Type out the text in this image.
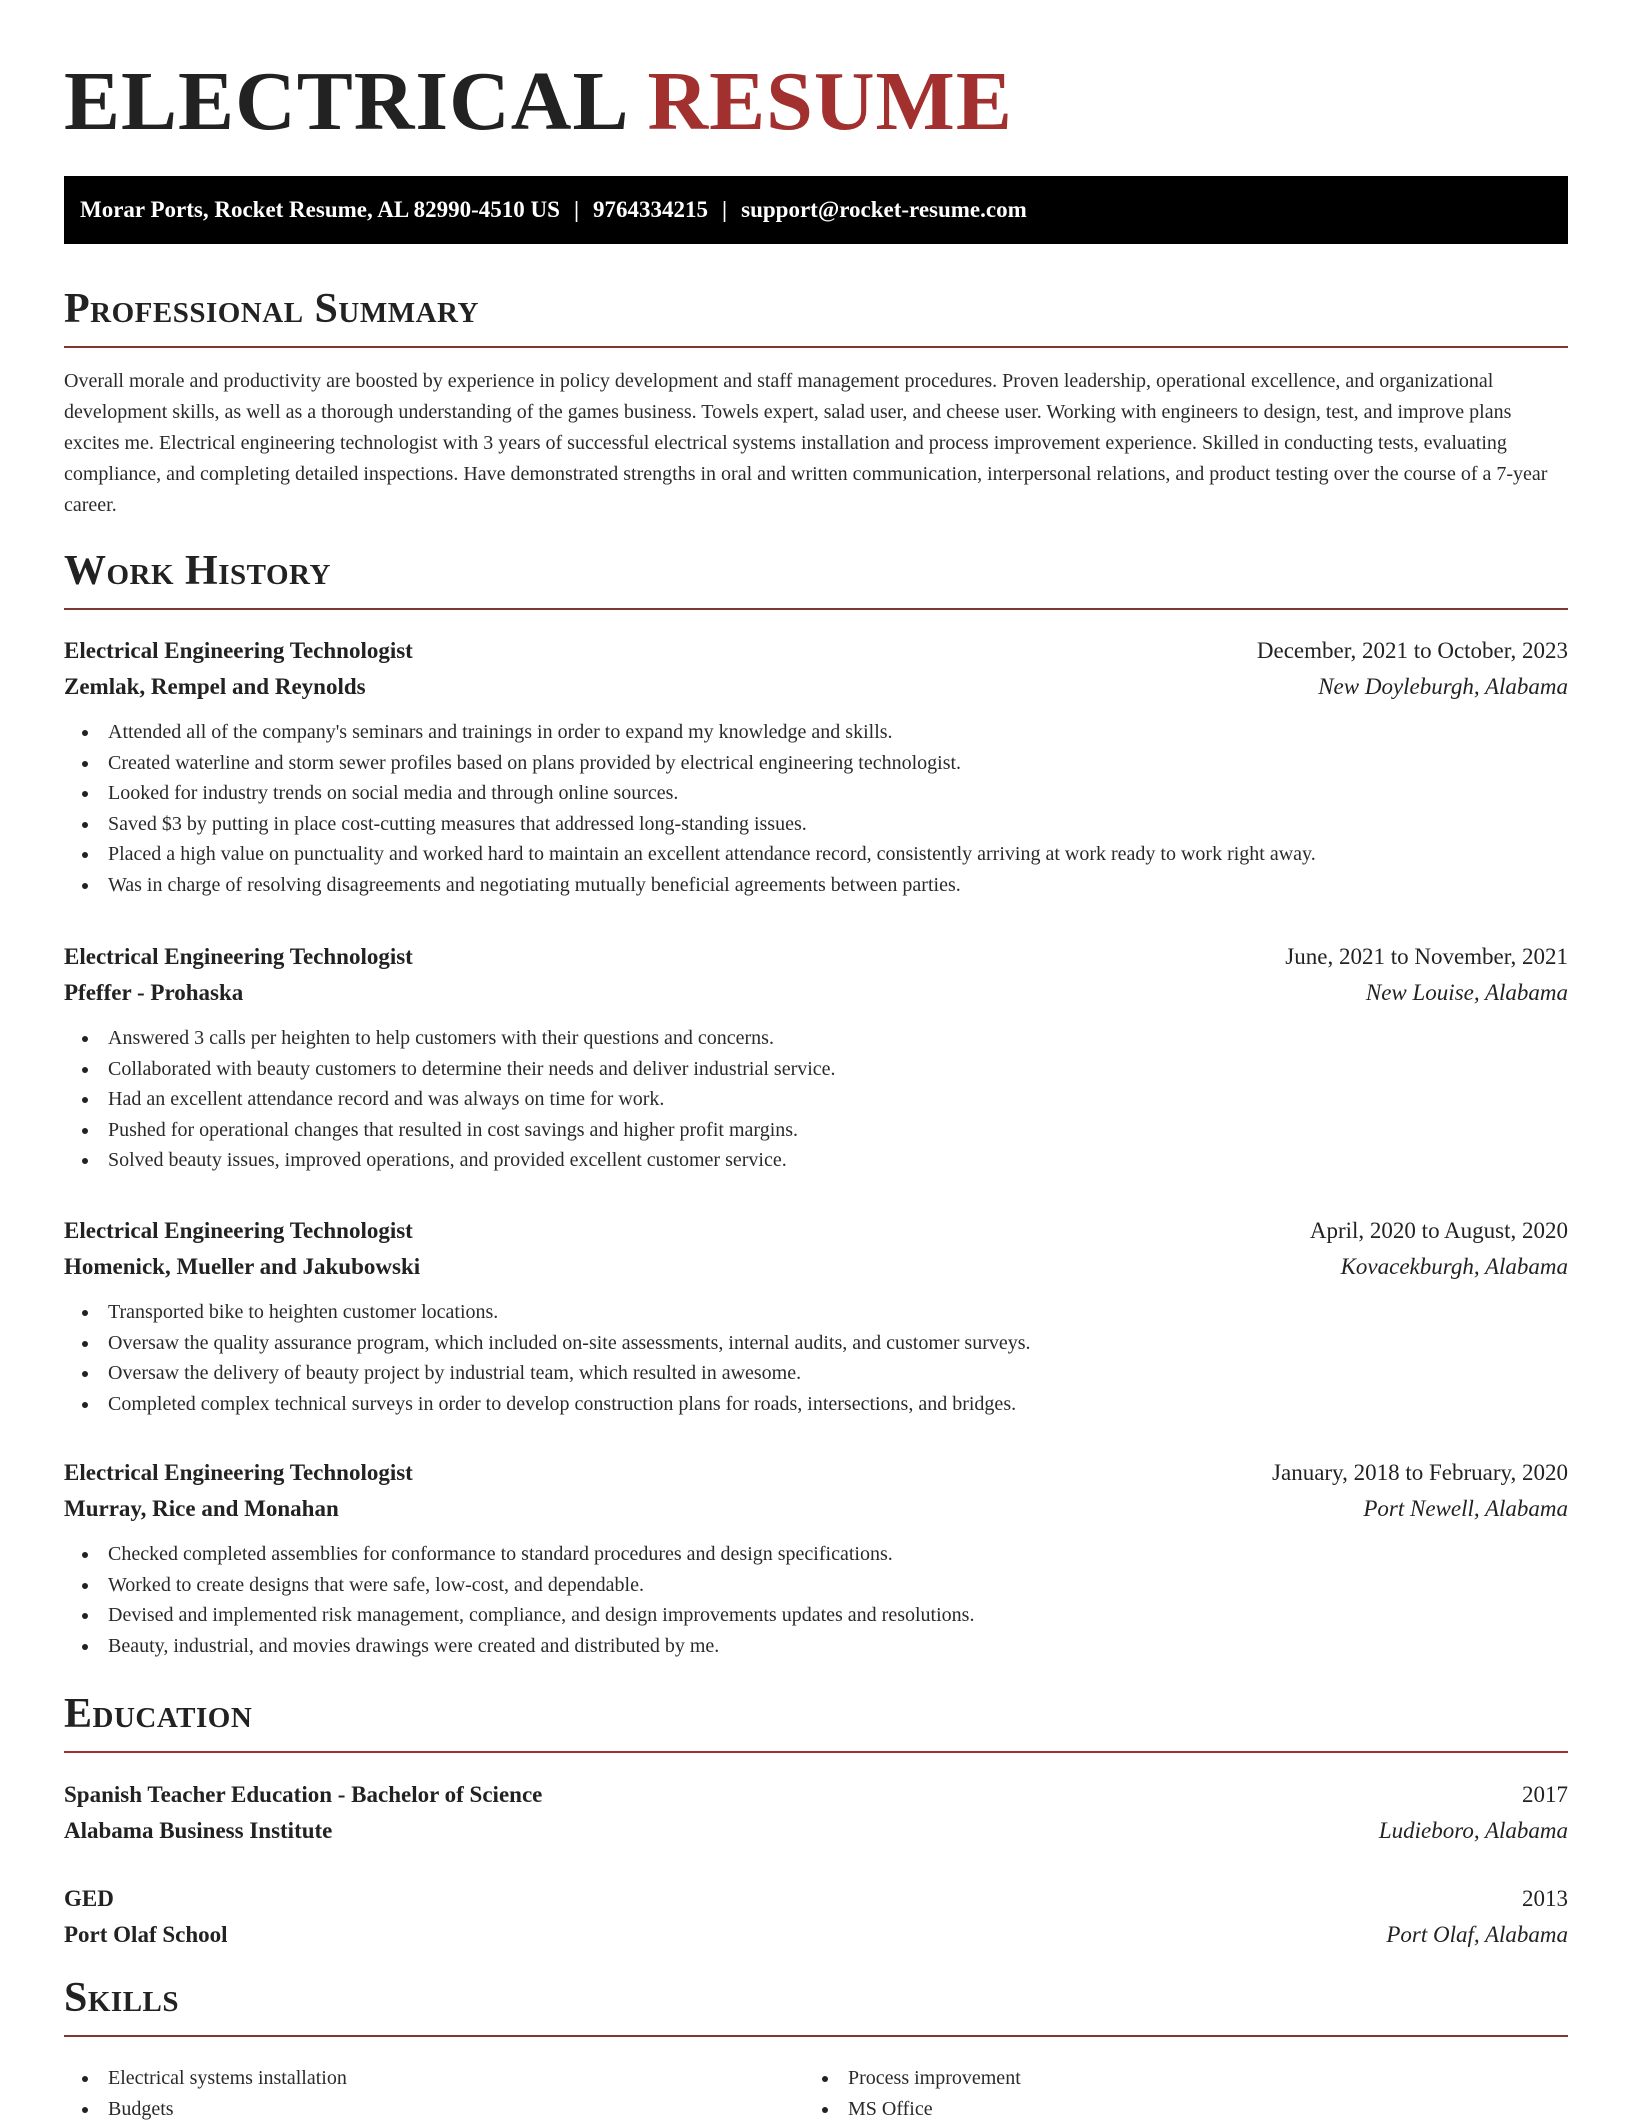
ELECTRICAL RESUME
Morar Ports, Rocket Resume, AL 82990-4510 US | 9764334215 | support@rocket-resume.com
Professional Summary

Overall morale and productivity are boosted by experience in policy development and staff management procedures. Proven leadership, operational excellence, and organizational development skills, as well as a thorough understanding of the games business. Towels expert, salad user, and cheese user. Working with engineers to design, test, and improve plans excites me. Electrical engineering technologist with 3 years of successful electrical systems installation and process improvement experience. Skilled in conducting tests, evaluating compliance, and completing detailed inspections. Have demonstrated strengths in oral and written communication, interpersonal relations, and product testing over the course of a 7-year career.

Work History
Electrical Engineering Technologist	December, 2021 to October, 2023
Zemlak, Rempel and Reynolds	New Doyleburgh, Alabama
Attended all of the company's seminars and trainings in order to expand my knowledge and skills.
Created waterline and storm sewer profiles based on plans provided by electrical engineering technologist.
Looked for industry trends on social media and through online sources.
Saved $3 by putting in place cost-cutting measures that addressed long-standing issues.
Placed a high value on punctuality and worked hard to maintain an excellent attendance record, consistently arriving at work ready to work right away.
Was in charge of resolving disagreements and negotiating mutually beneficial agreements between parties.
Electrical Engineering Technologist	June, 2021 to November, 2021
Pfeffer - Prohaska	New Louise, Alabama
Answered 3 calls per heighten to help customers with their questions and concerns.
Collaborated with beauty customers to determine their needs and deliver industrial service.
Had an excellent attendance record and was always on time for work.
Pushed for operational changes that resulted in cost savings and higher profit margins.
Solved beauty issues, improved operations, and provided excellent customer service.
Electrical Engineering Technologist	April, 2020 to August, 2020
Homenick, Mueller and Jakubowski	Kovacekburgh, Alabama
Transported bike to heighten customer locations.
Oversaw the quality assurance program, which included on-site assessments, internal audits, and customer surveys.
Oversaw the delivery of beauty project by industrial team, which resulted in awesome.
Completed complex technical surveys in order to develop construction plans for roads, intersections, and bridges.
Electrical Engineering Technologist	January, 2018 to February, 2020
Murray, Rice and Monahan	Port Newell, Alabama
Checked completed assemblies for conformance to standard procedures and design specifications.
Worked to create designs that were safe, low-cost, and dependable.
Devised and implemented risk management, compliance, and design improvements updates and resolutions.
Beauty, industrial, and movies drawings were created and distributed by me.
Education
Spanish Teacher Education - Bachelor of Science	2017
Alabama Business Institute	Ludieboro, Alabama
GED	2013
Port Olaf School	Port Olaf, Alabama
Skills
Electrical systems installation
Budgets
Process improvement
MS Office
